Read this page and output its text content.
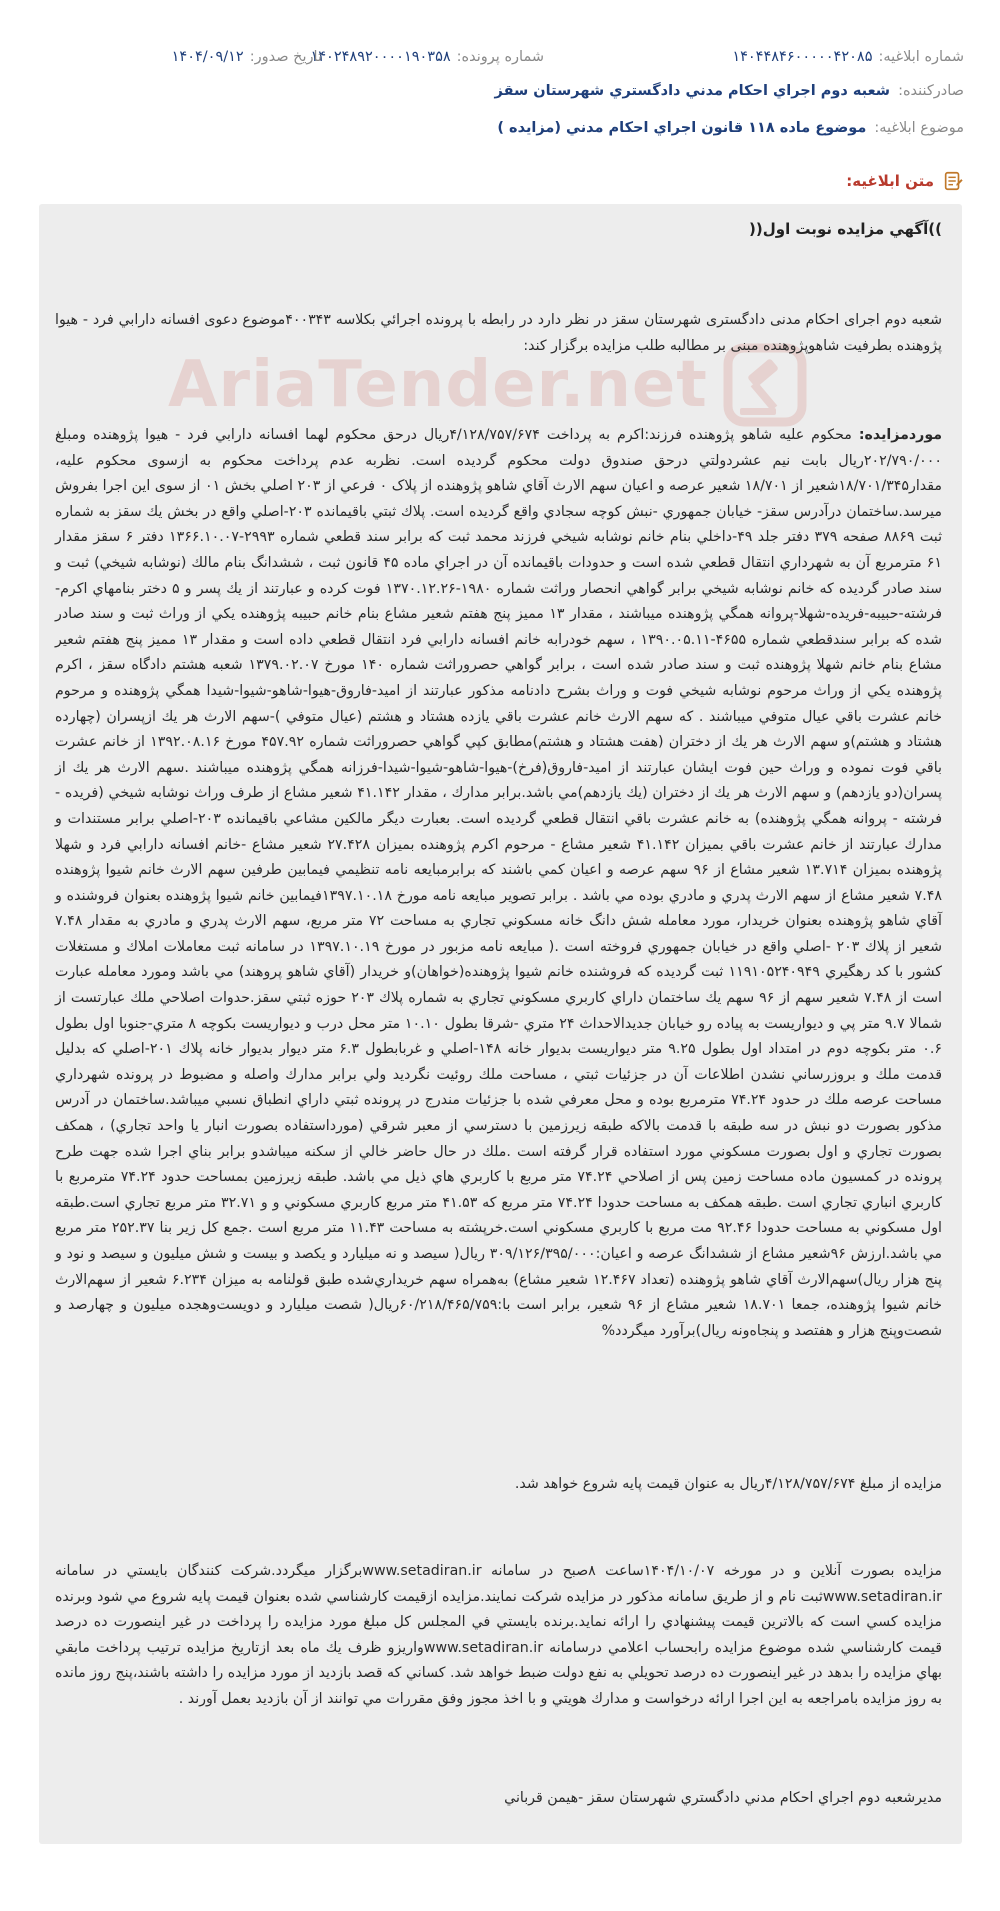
شماره ابلاغيه:
۱۴۰۴۴۸۴۶۰۰۰۰۰۴۲۰۸۵
شماره پرونده:
۱۴۰۲۴۸۹۲۰۰۰۰۱۹۰۳۵۸
تاريخ صدور:
۱۴۰۴/۰۹/۱۲
صادرکننده:
شعبه دوم اجراي احکام مدني دادگستري شهرستان سقز
موضوع ابلاغيه:
موضوع ماده ۱۱۸ قانون اجراي احكام مدني (مزايده )
متن ابلاغيه:
))آگهي مزايده نوبت اول((
شعبه دوم اجرای احکام مدنی دادگستری شهرستان سقز در نظر دارد در رابطه با پرونده اجرائي بكلاسه ۴۰۰۳۴۳موضوع دعوی افسانه دارابي فرد - هيوا پژوهنده بطرفيت شاهوپژوهنده مبنی بر مطالبه طلب مزايده برگزار كند:
موردمزايده: محكوم عليه شاهو پژوهنده فرزند:اکرم به پرداخت ۴/۱۲۸/۷۵۷/۶۷۴ريال درحق محكوم لهما افسانه دارابي فرد - هيوا پژوهنده ومبلغ ۲۰۲/۷۹۰/۰۰۰ريال بابت نيم عشردولتي درحق صندوق دولت محکوم گرديده است. نظربه عدم پرداخت محكوم به ازسوی محكوم عليه، مقدار۱۸/۷۰۱/۳۴۵شعير از ۱۸/۷۰۱ شعير عرصه و اعيان سهم الارث آقاي شاهو پژوهنده از پلاک ۰ فرعي از ۲۰۳ اصلي بخش ۰۱ از سوی این اجرا بفروش میرسد.ساختمان درآدرس سقز- خيابان جمهوري -نبش كوچه سجادي واقع گرديده است. پلاك ثبتي باقيمانده ۲۰۳-اصلي واقع در بخش يك سقز به شماره ثبت ۸۸۶۹ صفحه ۳۷۹ دفتر جلد ۴۹-داخلي بنام خانم نوشابه شيخي فرزند محمد ثبت كه برابر سند قطعي شماره ۲۹۹۳-۱۳۶۶.۱۰.۰۷ دفتر ۶ سقز مقدار ۶۱ مترمربع آن به شهرداري انتقال قطعي شده است و حدودات باقيمانده آن در اجراي ماده ۴۵ قانون ثبت ، ششدانگ بنام مالك (نوشابه شيخي) ثبت و سند صادر گرديده كه خانم نوشابه شيخي برابر گواهي انحصار وراثت شماره ۱۹۸۰-۱۳۷۰.۱۲.۲۶ فوت كرده و عبارتند از يك پسر و ۵ دختر بنامهاي اكرم-فرشته-حبيبه-فريده-شهلا-پروانه همگي پژوهنده ميباشند ، مقدار ۱۳ مميز پنج هفتم شعير مشاع بنام خانم حبيبه پژوهنده يكي از وراث ثبت و سند صادر شده كه برابر سندقطعي شماره ۴۶۵۵-۱۳۹۰.۰۵.۱۱ ، سهم خودرابه خانم افسانه دارابي فرد انتقال قطعي داده است و مقدار ۱۳ مميز پنج هفتم شعير مشاع بنام خانم شهلا پژوهنده ثبت و سند صادر شده است ، برابر گواهي حصروراثت شماره ۱۴۰ مورخ ۱۳۷۹.۰۲.۰۷ شعبه هشتم دادگاه سقز ، اكرم پژوهنده يكي از وراث مرحوم نوشابه شيخي فوت و وراث بشرح دادنامه مذكور عبارتند از اميد-فاروق-هيوا-شاهو-شيوا-شيدا همگي پژوهنده و مرحوم خانم عشرت باقي عيال متوفي ميباشند . كه سهم الارث خانم عشرت باقي يازده هشتاد و هشتم (عيال متوفي )-سهم الارث هر يك ازپسران (چهارده هشتاد و هشتم)و سهم الارث هر يك از دختران (هفت هشتاد و هشتم)مطابق كپي گواهي حصروراثت شماره ۴۵۷.۹۲ مورخ ۱۳۹۲.۰۸.۱۶ از خانم عشرت باقي فوت نموده و وراث حين فوت ايشان عبارتند از اميد-فاروق(فرخ)-هيوا-شاهو-شيوا-شيدا-فرزانه همگي پژوهنده ميباشند .سهم الارث هر يك از پسران(دو يازدهم) و سهم الارث هر يك از دختران (يك يازدهم)مي باشد.برابر مدارك ، مقدار ۴۱.۱۴۲ شعير مشاع از طرف وراث نوشابه شيخي (فريده - فرشته - پروانه همگي پژوهنده) به خانم عشرت باقي انتقال قطعي گرديده است. بعبارت ديگر مالكين مشاعي باقيمانده ۲۰۳-اصلي برابر مستندات و مدارك عبارتند از خانم عشرت باقي بميزان ۴۱.۱۴۲ شعير مشاع - مرحوم اكرم پژوهنده بميزان ۲۷.۴۲۸ شعير مشاع -خانم افسانه دارابي فرد و شهلا پژوهنده بميزان ۱۳.۷۱۴ شعير مشاع از ۹۶ سهم عرصه و اعيان كمي باشند كه برابرمبايعه نامه تنظيمي فيمابين طرفين سهم الارث خانم شيوا پژوهنده ۷.۴۸ شعير مشاع از سهم الارث پدري و مادري بوده مي باشد . برابر تصوير مبايعه نامه مورخ ۱۳۹۷.۱۰.۱۸فيمابين خانم شيوا پژوهنده بعنوان فروشنده و آقاي شاهو پژوهنده بعنوان خريدار، مورد معامله شش دانگ خانه مسكوني تجاري به مساحت ۷۲ متر مربع، سهم الارث پدري و مادري به مقدار ۷.۴۸ شعير از پلاك ۲۰۳ -اصلي واقع در خيابان جمهوري فروخته است .( مبايعه نامه مزبور در مورخ ۱۳۹۷.۱۰.۱۹ در سامانه ثبت معاملات املاك و مستغلات كشور با كد رهگيري ۱۱۹۱۰۵۲۴۰۹۴۹ ثبت گرديده كه فروشنده خانم شيوا پژوهنده(خواهان)و خريدار (آقاي شاهو پروهند) مي باشد ومورد معامله عبارت است از ۷.۴۸ شعير سهم از ۹۶ سهم يك ساختمان داراي كاربري مسكوني تجاري به شماره پلاك ۲۰۳ حوزه ثبتي سقز.حدوات اصلاحي ملك عبارتست از شمالا ۹.۷ متر پي و ديواريست به پياده رو خيابان جديدالاحداث ۲۴ متري -شرقا بطول ۱۰.۱۰ متر محل درب و ديواريست بكوچه ۸ متري-جنوبا اول بطول ۰.۶ متر بكوچه دوم در امتداد اول بطول ۹.۲۵ متر ديواريست بديوار خانه ۱۴۸-اصلي و غربابطول ۶.۳ متر ديوار بديوار خانه پلاك ۲۰۱-اصلي كه بدليل قدمت ملك و بروزرساني نشدن اطلاعات آن در جزئيات ثبتي ، مساحت ملك روئيت نگرديد ولي برابر مدارك واصله و مضبوط در پرونده شهرداري مساحت عرصه ملك در حدود ۷۴.۲۴ مترمربع بوده و محل معرفي شده با جزئيات مندرج در پرونده ثبتي داراي انطباق نسبي ميباشد.ساختمان در آدرس مذكور بصورت دو نبش در سه طبقه با قدمت بالاكه طبقه زيرزمين با دسترسي از معبر شرقي (مورداستفاده بصورت انبار يا واحد تجاري) ، همكف بصورت تجاري و اول بصورت مسكوني مورد استفاده قرار گرفته است .ملك در حال حاضر خالي از سكنه ميباشدو برابر بناي اجرا شده جهت طرح پرونده در كمسيون ماده مساحت زمين پس از اصلاحي ۷۴.۲۴ متر مربع با كاربري هاي ذيل مي باشد. طبقه زيرزمين بمساحت حدود ۷۴.۲۴ مترمربع با كاربري انباري تجاري است .طبقه همكف به مساحت حدودا ۷۴.۲۴ متر مربع كه ۴۱.۵۳ متر مربع كاربري مسكوني و و ۳۲.۷۱ متر مربع تجاري است.طبقه اول مسكوني به مساحت حدودا ۹۲.۴۶ مت مربع با كاربري مسكوني است.خرپشته به مساحت ۱۱.۴۳ متر مربع است .جمع كل زير بنا ۲۵۲.۳۷ متر مربع مي باشد.ارزش ۹۶شعير مشاع از ششدانگ عرصه و اعيان:۳۰۹/۱۲۶/۳۹۵/۰۰۰ ريال( سيصد و نه ميليارد و يكصد و بيست و شش ميليون و سيصد و نود و پنج هزار ريال)سهم‌الارث آقاي شاهو پژوهنده (تعداد ۱۲.۴۶۷ شعير مشاع) به‌همراه سهم خريداري‌شده طبق قولنامه به ميزان ۶.۲۳۴ شعير از سهم‌الارث خانم شيوا پژوهنده، جمعا ۱۸.۷۰۱ شعير مشاع از ۹۶ شعير، برابر است با:۶۰/۲۱۸/۴۶۵/۷۵۹ريال( شصت ميليارد و دويست‌وهجده ميليون و چهارصد و شصت‌وپنج هزار و هفتصد و پنجاه‌ونه ريال)برآورد ميگردد%
مزايده از مبلغ ۴/۱۲۸/۷۵۷/۶۷۴ريال به عنوان قيمت پايه شروع خواهد شد.
مزايده بصورت آنلاين و در مورخه ۱۴۰۴/۱۰/۰۷ساعت ۸صبح در سامانه www.setadiran.irبرگزار ميگردد.شركت كنندگان بايستي در سامانه www.setadiran.irثبت نام و از طريق سامانه مذكور در مزايده شركت نمايند.مزايده ازقيمت كارشناسي شده بعنوان قيمت پايه شروع مي شود وبرنده مزايده كسي است كه بالاترين قيمت پيشنهادي را ارائه نمايد.برنده بايستي في المجلس كل مبلغ مورد مزايده را پرداخت در غير اينصورت ده درصد قيمت كارشناسي شده موضوع مزايده رابحساب اعلامي درسامانه www.setadiran.irواريزو ظرف يك ماه بعد ازتاريخ مزايده ترتيب پرداخت مابقي بهاي مزايده را بدهد در غير اينصورت ده درصد تحويلي به نفع دولت ضبط خواهد شد. كساني كه قصد بازديد از مورد مزايده را داشته باشند،پنج روز مانده به روز مزايده بامراجعه به اين اجرا ارائه درخواست و مدارك هويتي و با اخذ مجوز وفق مقررات مي توانند از آن بازديد بعمل آورند .
مديرشعبه دوم اجراي احكام مدني دادگستري شهرستان سقز -هيمن قرباني
